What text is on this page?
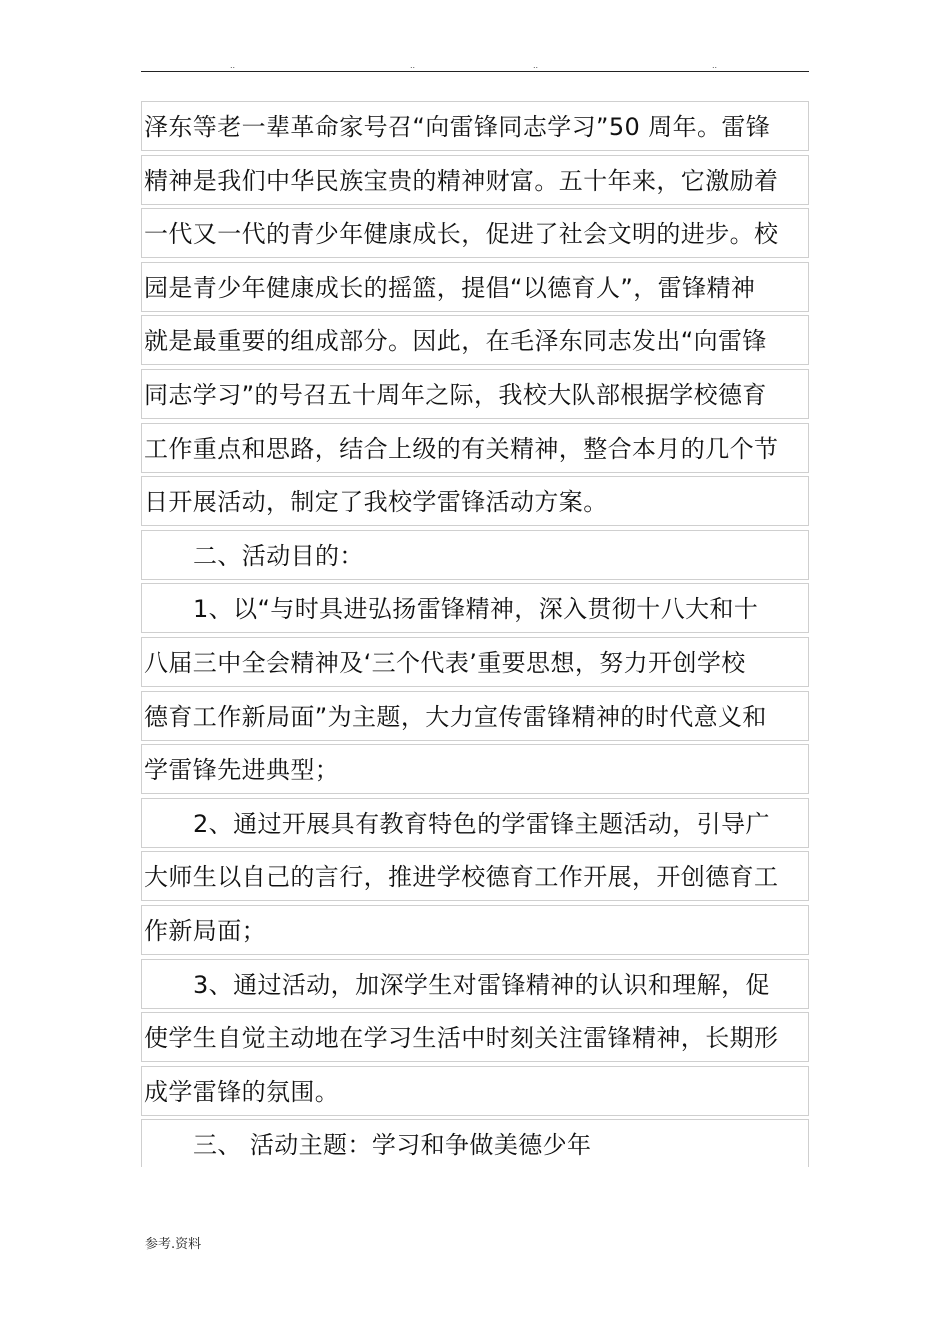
..	..	..	..
泽东等老一辈革命家号召“向雷锋同志学习”50 周年。雷锋
精神是我们中华民族宝贵的精神财富。五十年来，它激励着
一代又一代的青少年健康成长，促进了社会文明的进步。校
园是青少年健康成长的摇篮，提倡“以德育人”，雷锋精神
就是最重要的组成部分。因此，在毛泽东同志发出“向雷锋
同志学习”的号召五十周年之际，我校大队部根据学校德育
工作重点和思路，结合上级的有关精神，整合本月的几个节
日开展活动，制定了我校学雷锋活动方案。
二、活动目的：
1、以“与时具进弘扬雷锋精神，深入贯彻十八大和十
八届三中全会精神及‘三个代表’重要思想，努力开创学校
德育工作新局面”为主题，大力宣传雷锋精神的时代意义和
学雷锋先进典型；
2、通过开展具有教育特色的学雷锋主题活动，引导广
大师生以自己的言行，推进学校德育工作开展，开创德育工
作新局面；
3、通过活动，加深学生对雷锋精神的认识和理解，促
使学生自觉主动地在学习生活中时刻关注雷锋精神，长期形
成学雷锋的氛围。
三、 活动主题：学习和争做美德少年
参考.资料
